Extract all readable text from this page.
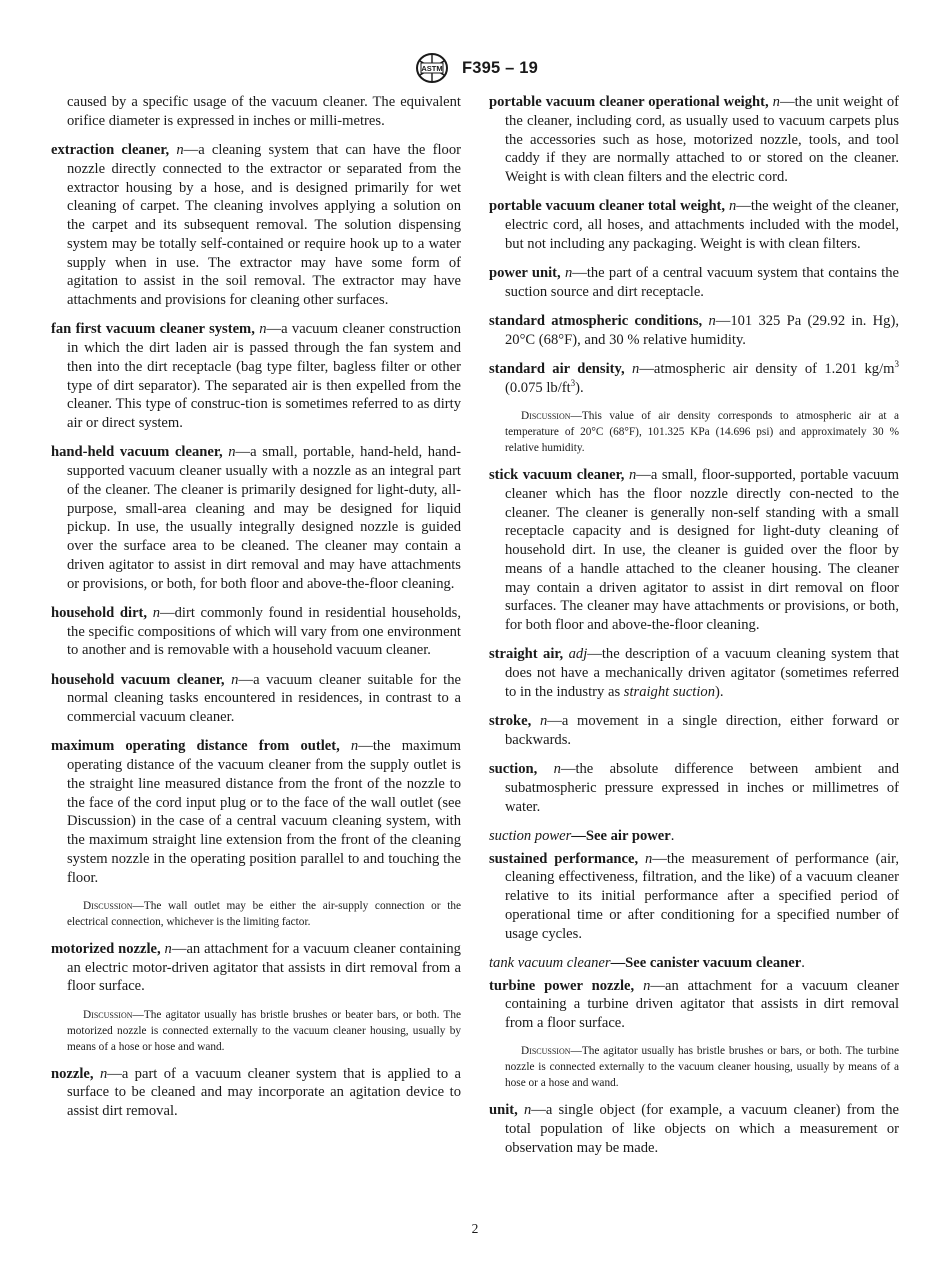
ASTM F395 – 19

caused by a specific usage of the vacuum cleaner. The equivalent orifice diameter is expressed in inches or milli-metres.

extraction cleaner, n—a cleaning system that can have the floor nozzle directly connected to the extractor or separated from the extractor housing by a hose, and is designed primarily for wet cleaning of carpet. The cleaning involves applying a solution on the carpet and its subsequent removal. The solution dispensing system may be totally self-contained or require hook up to a water supply when in use. The extractor may have some form of agitation to assist in the soil removal. The extractor may have attachments and provisions for cleaning other surfaces.

fan first vacuum cleaner system, n—a vacuum cleaner construction in which the dirt laden air is passed through the fan system and then into the dirt receptacle (bag type filter, bagless filter or other type of dirt separator). The separated air is then expelled from the cleaner. This type of construc-tion is sometimes referred to as dirty air or direct system.

hand-held vacuum cleaner, n—a small, portable, hand-held, hand-supported vacuum cleaner usually with a nozzle as an integral part of the cleaner. The cleaner is primarily designed for light-duty, all-purpose, small-area cleaning and may be designed for liquid pickup. In use, the usually integrally designed nozzle is guided over the surface area to be cleaned. The cleaner may contain a driven agitator to assist in dirt removal and may have attachments or provisions, or both, for both floor and above-the-floor cleaning.

household dirt, n—dirt commonly found in residential households, the specific compositions of which will vary from one environment to another and is removable with a household vacuum cleaner.

household vacuum cleaner, n—a vacuum cleaner suitable for the normal cleaning tasks encountered in residences, in contrast to a commercial vacuum cleaner.

maximum operating distance from outlet, n—the maximum operating distance of the vacuum cleaner from the supply outlet is the straight line measured distance from the front of the nozzle to the face of the cord input plug or to the face of the wall outlet (see Discussion) in the case of a central vacuum cleaning system, with the maximum straight line extension from the front of the cleaning system nozzle in the operating position parallel to and touching the floor.

Discussion—The wall outlet may be either the air-supply connection or the electrical connection, whichever is the limiting factor.

motorized nozzle, n—an attachment for a vacuum cleaner containing an electric motor-driven agitator that assists in dirt removal from a floor surface.

Discussion—The agitator usually has bristle brushes or beater bars, or both. The motorized nozzle is connected externally to the vacuum cleaner housing, usually by means of a hose or hose and wand.

nozzle, n—a part of a vacuum cleaner system that is applied to a surface to be cleaned and may incorporate an agitation device to assist dirt removal.

portable vacuum cleaner operational weight, n—the unit weight of the cleaner, including cord, as usually used to vacuum carpets plus the accessories such as hose, motorized nozzle, tools, and tool caddy if they are normally attached to or stored on the cleaner. Weight is with clean filters and the electric cord.

portable vacuum cleaner total weight, n—the weight of the cleaner, electric cord, all hoses, and attachments included with the model, but not including any packaging. Weight is with clean filters.

power unit, n—the part of a central vacuum system that contains the suction source and dirt receptacle.

standard atmospheric conditions, n—101 325 Pa (29.92 in. Hg), 20°C (68°F), and 30 % relative humidity.

standard air density, n—atmospheric air density of 1.201 $kg/m^3$ (0.075 $lb/ft^3$).

Discussion—This value of air density corresponds to atmospheric air at a temperature of 20°C (68°F), 101.325 KPa (14.696 psi) and approximately 30 % relative humidity.

stick vacuum cleaner, n—a small, floor-supported, portable vacuum cleaner which has the floor nozzle directly con-nected to the cleaner. The cleaner is generally non-self standing with a small receptacle capacity and is designed for light-duty cleaning of household dirt. In use, the cleaner is guided over the floor by means of a handle attached to the cleaner housing. The cleaner may contain a driven agitator to assist in dirt removal on floor surfaces. The cleaner may have attachments or provisions, or both, for both floor and above-the-floor cleaning.

straight air, adj—the description of a vacuum cleaning system that does not have a mechanically driven agitator (sometimes referred to in the industry as straight suction).

stroke, n—a movement in a single direction, either forward or backwards.

suction, n—the absolute difference between ambient and subatmospheric pressure expressed in inches or millimetres of water.

suction power—See air power.

sustained performance, n—the measurement of performance (air, cleaning effectiveness, filtration, and the like) of a vacuum cleaner relative to its initial performance after a specified period of operational time or after conditioning for a specified number of usage cycles.

tank vacuum cleaner—See canister vacuum cleaner.

turbine power nozzle, n—an attachment for a vacuum cleaner containing a turbine driven agitator that assists in dirt removal from a floor surface.

Discussion—The agitator usually has bristle brushes or bars, or both. The turbine nozzle is connected externally to the vacuum cleaner housing, usually by means of a hose or a hose and wand.

unit, n—a single object (for example, a vacuum cleaner) from the total population of like objects on which a measurement or observation may be made.

2
